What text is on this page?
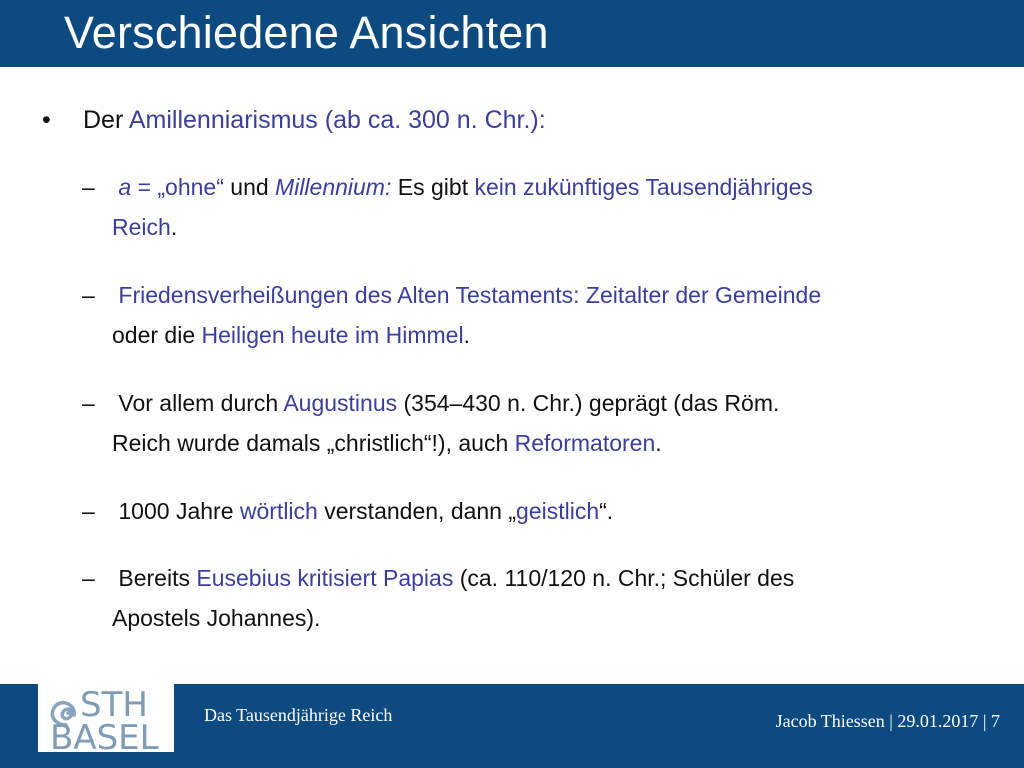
Verschiedene Ansichten
• Der Amillenniarismus (ab ca. 300 n. Chr.):
– a = „ohne“ und Millennium: Es gibt kein zukünftiges Tausendjähriges
Reich.
– Friedensverheißungen des Alten Testaments: Zeitalter der Gemeinde
oder die Heiligen heute im Himmel.
– Vor allem durch Augustinus (354–430 n. Chr.) geprägt (das Röm.
Reich wurde damals „christlich“!), auch Reformatoren.
– 1000 Jahre wörtlich verstanden, dann „geistlich“.
– Bereits Eusebius kritisiert Papias (ca. 110/120 n. Chr.; Schüler des
Apostels Johannes).
STH
BASEL
Das Tausendjährige Reich	Jacob Thiessen | 29.01.2017 | 7
